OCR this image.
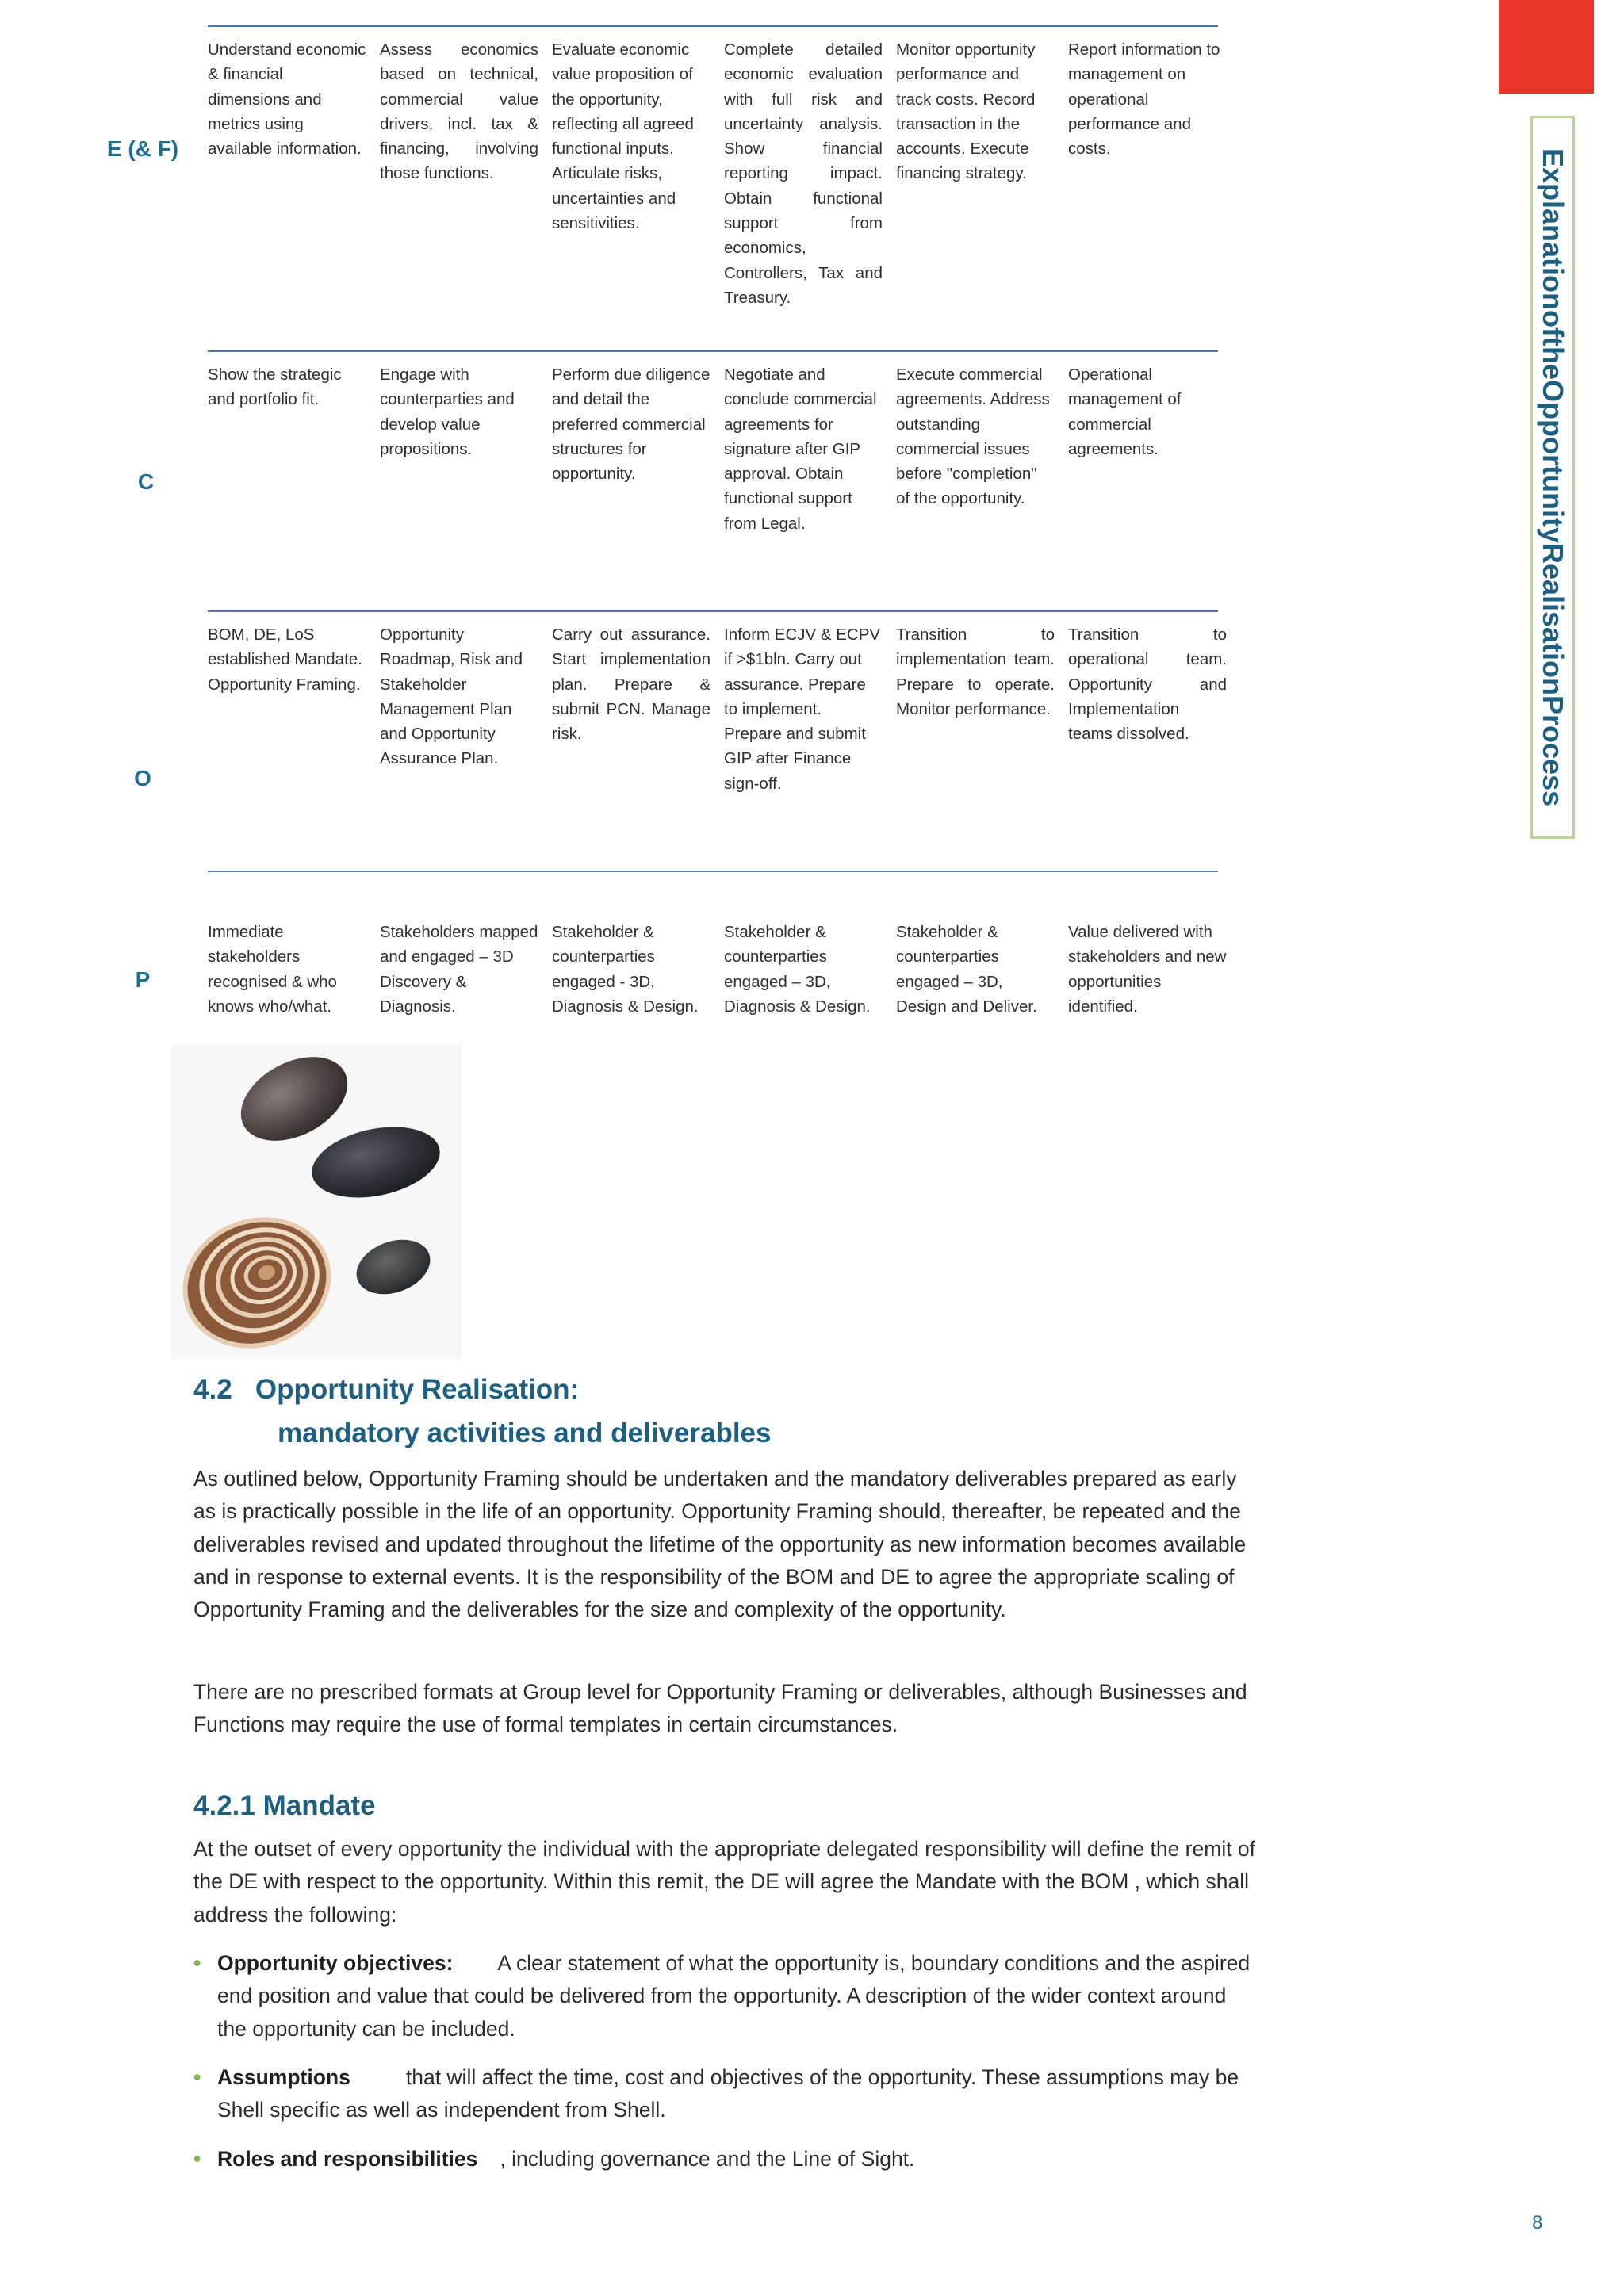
ExplanationoftheOpportunityRealisationProcess
E (& F)
C
O
P
Understand economic & financial dimensions and metrics using available information.
Assess economics based on technical, commercial value drivers, incl. tax & financing, involving those functions.
Evaluate economic value proposition of the opportunity, reflecting all agreed functional inputs. Articulate risks, uncertainties and sensitivities.
Complete detailed economic evaluation with full risk and uncertainty analysis. Show financial reporting impact. Obtain functional support from economics, Controllers, Tax and Treasury.
Monitor opportunity performance and track costs. Record transaction in the accounts. Execute financing strategy.
Report information to management on operational performance and costs.
Show the strategic and portfolio fit.
Engage with counterparties and develop value propositions.
Perform due diligence and detail the preferred commercial structures for opportunity.
Negotiate and conclude commercial agreements for signature after GIP approval. Obtain functional support from Legal.
Execute commercial agreements. Address outstanding commercial issues before "completion" of the opportunity.
Operational management of commercial agreements.
BOM, DE, LoS established Mandate. Opportunity Framing.
Opportunity Roadmap, Risk and Stakeholder Management Plan and Opportunity Assurance Plan.
Carry out assurance. Start implementation plan. Prepare & submit PCN. Manage risk.
Inform ECJV & ECPV if >$1bln. Carry out assurance. Prepare to implement. Prepare and submit GIP after Finance sign-off.
Transition to implementation team. Prepare to operate. Monitor performance.
Transition to operational team. Opportunity and Implementation teams dissolved.
Immediate stakeholders recognised & who knows who/what.
Stakeholders mapped and engaged – 3D Discovery & Diagnosis.
Stakeholder & counterparties engaged - 3D, Diagnosis & Design.
Stakeholder & counterparties engaged – 3D, Diagnosis & Design.
Stakeholder & counterparties engaged – 3D, Design and Deliver.
Value delivered with stakeholders and new opportunities identified.
4.2 Opportunity Realisation:
mandatory activities and deliverables
As outlined below, Opportunity Framing should be undertaken and the mandatory deliverables prepared as early as is practically possible in the life of an opportunity. Opportunity Framing should, thereafter, be repeated and the deliverables revised and updated throughout the lifetime of the opportunity as new information becomes available and in response to external events. It is the responsibility of the BOM and DE to agree the appropriate scaling of Opportunity Framing and the deliverables for the size and complexity of the opportunity.
There are no prescribed formats at Group level for Opportunity Framing or deliverables, although Businesses and Functions may require the use of formal templates in certain circumstances.
4.2.1 Mandate
At the outset of every opportunity the individual with the appropriate delegated responsibility will define the remit of the DE with respect to the opportunity. Within this remit, the DE will agree the Mandate with the BOM , which shall address the following:
• Opportunity objectives: A clear statement of what the opportunity is, boundary conditions and the aspired end position and value that could be delivered from the opportunity. A description of the wider context around the opportunity can be included.
• Assumptions	that will affect the time, cost and objectives of the opportunity. These assumptions may be Shell specific as well as independent from Shell.
• Roles and responsibilities , including governance and the Line of Sight.
8
